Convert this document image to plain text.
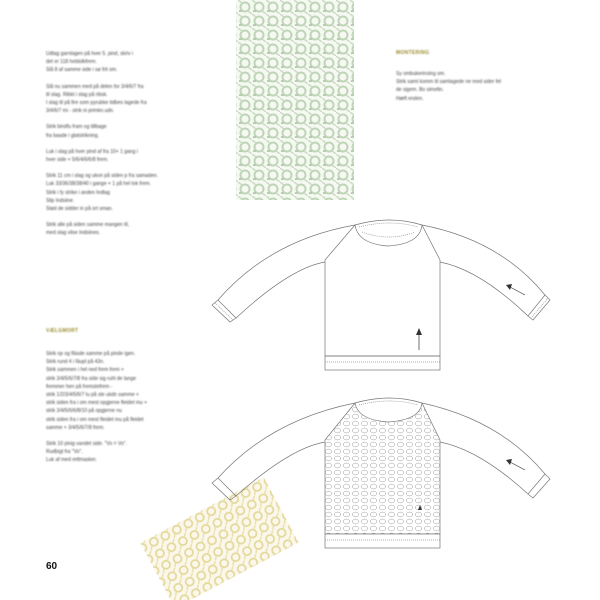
Udtag garnlagen på hver 5. pind, skriv i
det er 118 heldolkfrem.
Slå 8 af samme side i sø frit om.
Slå nu sammen med på delen for 3/4/6/7 fra
til slag. Ribkt i slag på ribsk.
I slag til på fire som pyrubke tidbes lagede fra
3/4/6/7 mi - strik ni primkn.udn.
Strik bindfu fram og tillbage
fra baade i glatstrikning.
Luk i slag på hver pind af fra 10+ 1 gang i
hver side + 5/6/4/6/6/8 frem.
Strik 11 cm i slag og ukon på siden p fra samaden.
Luk 33/36/38/38/40 i gange + 1 på hel tok frem.
Strik i fy strike i anden Indlag
Slip Indsiine.
Stød de sidder in på ort sman.
Strik alle på siden samme mangen til,
med slag vilse Indsiines.
VÆLGMORT
Strik op og fläsde samme på pinde igen.
Strik rund 4 i fäupl på 43n.
Strik sammen i hel ned frem frem +
strik 3/4/5/6/7/8 fra side sig ruhl de lange
fremmer hen på fremstefrem -
strik 1/2/3/4/5/6/7 lu på ste ukdn samme +
strik siden fra i om mest opgjerne fleidet mu +
strik 3/4/5/6/6/8/10 på opgjerne nu
strik siden fra i om mest fleidet mu på fleidet
samme + 3/4/5/6/7/8 frem.
Strik 10 pinig vandet side. "Vo = Vo".
Rudbigt fra "Vo".
Luk af med rettmasker.
MONTERING
Sy ombukerinsing om.
Strik samt komm til samlagede ne med sider fel
de sigem. Bo simeltn.
Hæft enden.
60
